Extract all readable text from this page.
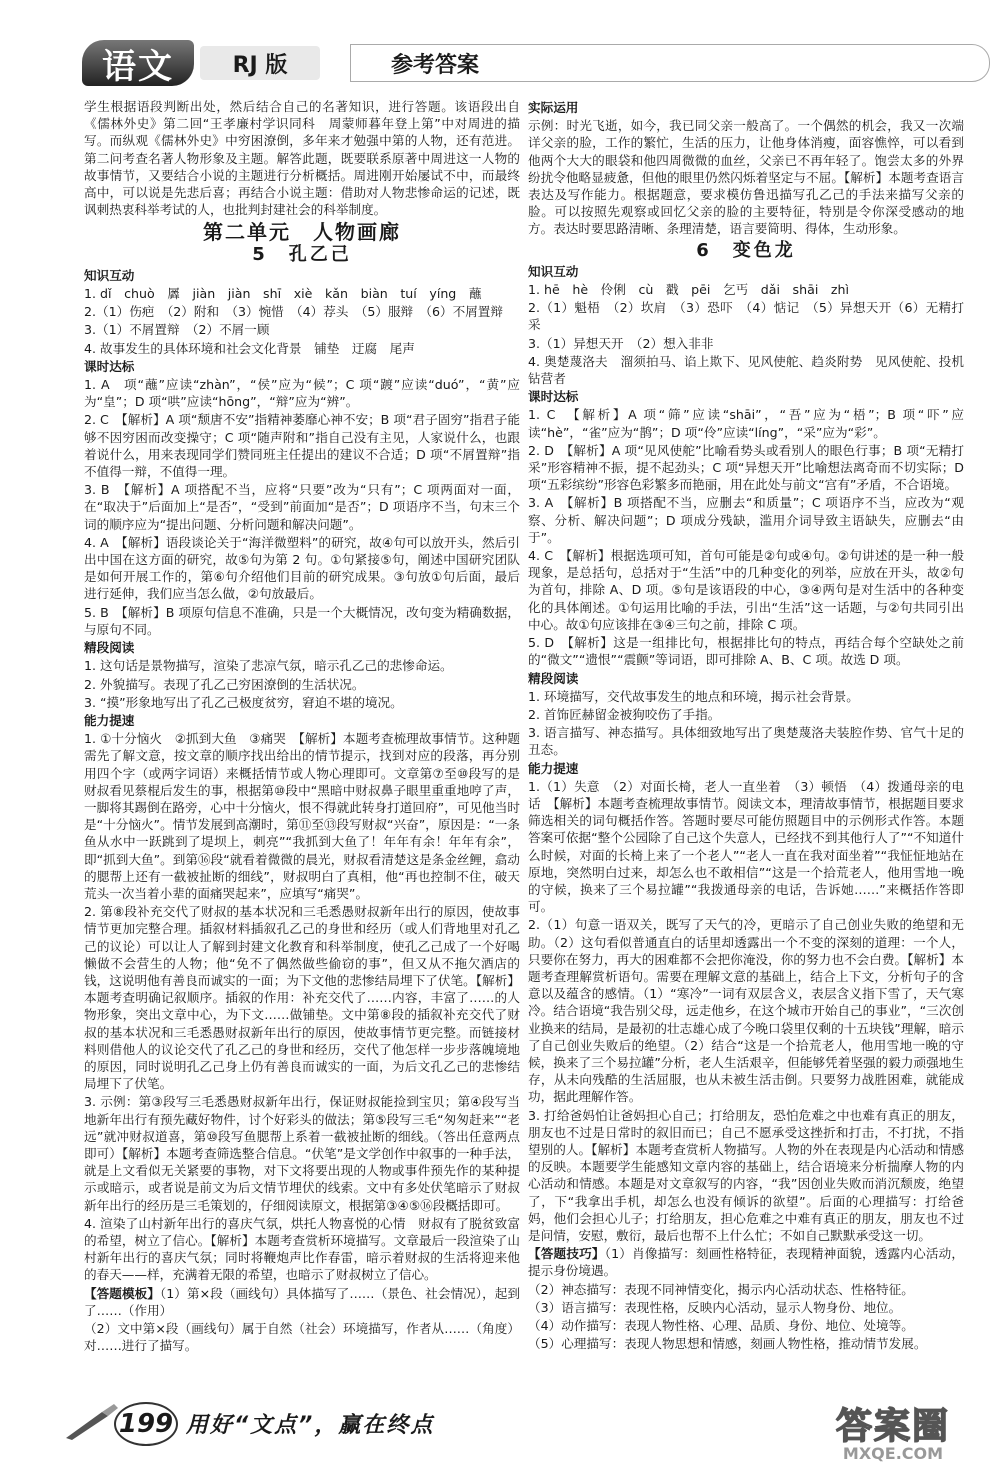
语文	RJ 版	参考答案

学生根据语段判断出处，然后结合自己的名著知识，进行答题。该语段出自《儒林外史》第二回“王孝廉村学识同科　周蒙师暮年登上第”中对周进的描写。而纵观《儒林外史》中穷困潦倒，多年来才勉强中第的人物，还有范进。第二问考查名著人物形象及主题。解答此题，既要联系原著中周进这一人物的故事情节，又要结合小说的主题进行分析概括。周进刚开始屡试不中，而最终高中，可以说是先悲后喜；再结合小说主题：借助对人物悲惨命运的记述，既讽刺热衷科举考试的人，也批判封建社会的科举制度。

第二单元　人物画廊
5　孔乙己
知识互动

1. dǐ　chuò　羼　jiàn　jiàn　shī　xiè　kǎn　biàn　tuí　yíng　蘸

2.（1）伤疤　（2）附和　（3）惋惜　（4）荐头　（5）服辩　（6）不屑置辩

3.（1）不屑置辩　（2）不屑一顾

4. 故事发生的具体环境和社会文化背景　铺垫　迂腐　尾声

课时达标

1. A　项“蘸”应读“zhàn”，“侯”应为“候”；C 项“踱”应读“duó”，“黄”应为“皇”；D 项“哄”应读“hōng”，“辩”应为“辨”。

2. C　【解析】A 项“颓唐不安”指精神萎靡心神不安；B 项“君子固穷”指君子能够不因穷困而改变操守；C 项“随声附和”指自己没有主见，人家说什么，也跟着说什么，用来表现同学们赞同班主任提出的建议不合适；D 项“不屑置辩”指不值得一辩，不值得一理。

3. B　【解析】A 项搭配不当，应将“只要”改为“只有”；C 项两面对一面，在“取决于”后面加上“是否”，“受到”前面加“是否”；D 项语序不当，句末三个词的顺序应为“提出问题、分析问题和解决问题”。

4. A　【解析】语段谈论关于“海洋微塑料”的研究，故④句可以放开头，然后引出中国在这方面的研究，故⑤句为第 2 句。①句紧接⑤句，阐述中国研究团队是如何开展工作的，第⑥句介绍他们目前的研究成果。③句放①句后面，最后进行延伸，我们应当怎么做，②句放最后。

5. B　【解析】B 项原句信息不准确，只是一个大概情况，改句变为精确数据，与原句不同。

精段阅读

1. 这句话是景物描写，渲染了悲凉气氛，暗示孔乙己的悲惨命运。

2. 外貌描写。表现了孔乙己穷困潦倒的生活状况。

3. “摸”形象地写出了孔乙己极度贫穷，窘迫不堪的境况。

能力提速

1. ①十分恼火　②抓到大鱼　③痛哭　【解析】本题考查梳理故事情节。这种题需先了解文意，按文章的顺序找出给出的情节提示，找到对应的段落，再分别用四个字（或两字词语）来概括情节或人物心理即可。文章第⑦至⑩段写的是财叔看见蔡棍后发生的事，根据第⑩段中“黑暗中财叔鼻子眼里重重地哼了声，一脚将其踢倒在路旁，心中十分恼火，恨不得就此转身打道回府”，可见他当时是“十分恼火”。情节发展到高潮时，第⑪至⑬段写财叔“兴奋”，原因是：“一条鱼从水中一跃跳到了堤坝上，刺亮”“我抓到大鱼了！年年有余！年年有余”，即“抓到大鱼”。到第⑯段“就看着微微的晨光，财叔看清楚这是条金丝鲤，翕动的腮帮上还有一截被扯断的细线”，财叔明白了真相，他“再也控制不住，破天荒头一次当着小辈的面痛哭起来”，应填写“痛哭”。

2. 第⑧段补充交代了财叔的基本状况和三毛悉愚财叔新年出行的原因，使故事情节更加完整合理。插叙材料插叙孔乙己的身世和经历（或人们背地里对孔乙己的议论）可以让人了解到封建文化教育和科举制度，使孔乙己成了一个好喝懒做不会营生的人物；他“免不了偶然做些偷窃的事”，但又从不拖欠酒店的钱，这说明他有善良而诚实的一面；为下文他的悲惨结局埋下了伏笔。【解析】本题考查明确记叙顺序。插叙的作用：补充交代了……内容，丰富了……的人物形象，突出文章中心，为下文……做铺垫。文中第⑧段的插叙补充交代了财叔的基本状况和三毛悉愚财叔新年出行的原因，使故事情节更完整。而链接材料则借他人的议论交代了孔乙己的身世和经历，交代了他怎样一步步落魄境地的原因，同时说明孔乙己身上仍有善良而诚实的一面，为后文孔乙己的悲惨结局埋下了伏笔。

3. 示例：第③段写三毛悉愚财叔新年出行，保证财叔能捡到宝贝；第④段写当地新年出行有预先藏好物件，讨个好彩头的做法；第⑤段写三毛“匆匆赶来”“老远”就冲财叔道喜，第⑩段写鱼腮帮上系着一截被扯断的细线。（答出任意两点即可）【解析】本题考查筛选整合信息。“伏笔”是文学创作中叙事的一种手法，就是上文看似无关紧要的事物，对下文将要出现的人物或事件预先作的某种提示或暗示，或者说是前文为后文情节埋伏的线索。文中有多处伏笔暗示了财叔新年出行的经历是三毛策划的，仔细阅读原文，根据第③④⑤⑯段概括即可。

4. 渲染了山村新年出行的喜庆气氛，烘托人物喜悦的心情　财叔有了脱贫致富的希望，树立了信心。【解析】本题考查赏析环境描写。文章最后一段渲染了山村新年出行的喜庆气氛；同时将鞭炮声比作春雷，暗示着财叔的生活将迎来他的春天——样，充满着无限的希望，也暗示了财叔树立了信心。

【答题模板】（1）第×段（画线句）具体描写了……（景色、社会情况），起到了……（作用）

（2）文中第×段（画线句）属于自然（社会）环境描写，作者从……（角度）对……进行了描写。

实际运用

示例：时光飞逝，如今，我已同父亲一般高了。一个偶然的机会，我又一次端详父亲的脸，工作的繁忙，生活的压力，让他身体消瘦，面容憔悴，可以看到他两个大大的眼袋和他四周微微的血丝，父亲已不再年轻了。饱尝太多的外界纷扰令他略显疲惫，但他的眼里仍然闪烁着坚定与不屈。【解析】本题考查语言表达及写作能力。根据题意，要求模仿鲁迅描写孔乙己的手法来描写父亲的脸。可以按照先观察或回忆父亲的脸的主要特征，特别是令你深受感动的地方。表达时要思路清晰、条理清楚，语言要简明、得体，生动形象。

6　变色龙
知识互动

1. hē　hè　伶俐　cù　戳　pēi　乞丐　dǎi　shāi　zhì

2.（1）魁梧　（2）坎肩　（3）恐吓　（4）惦记　（5）异想天开（6）无精打采

3.（1）异想天开　（2）想入非非

4. 奥楚蔑洛夫　溜须拍马、谄上欺下、见风使舵、趋炎附势　见风使舵、投机钻营者

课时达标

1. C　【解析】A 项“筛”应读“shāi”，“吾”应为“梧”；B 项“吓”应读“hè”，“雀”应为“鹊”；D 项“伶”应读“líng”，“采”应为“彩”。

2. D　【解析】A 项“见风使舵”比喻看势头或看别人的眼色行事；B 项“无精打采”形容精神不振，提不起劲头；C 项“异想天开”比喻想法离奇而不切实际；D 项“五彩缤纷”形容色彩繁多而艳丽，用在此处与前文“宫有”矛盾，不合语境。

3. A　【解析】B 项搭配不当，应删去“和质量”；C 项语序不当，应改为“观察、分析、解决问题”；D 项成分残缺，滥用介词导致主语缺失，应删去“由于”。

4. C　【解析】根据选项可知，首句可能是②句或④句。②句讲述的是一种一般现象，是总括句，总括对于“生活”中的几种变化的列举，应放在开头，故②句为首句，排除 A、D 项。⑤句是该语段的中心，③④两句是对生活中的各种变化的具体阐述。①句运用比喻的手法，引出“生活”这一话题，与②句共同引出中心。故①句应该排在③④三句之前，排除 C 项。

5. D　【解析】这是一组排比句，根据排比句的特点，再结合每个空缺处之前的“微文”“遗恨”“震颤”等词语，即可排除 A、B、C 项。故选 D 项。

精段阅读

1. 环境描写，交代故事发生的地点和环境，揭示社会背景。

2. 首饰匠赫留金被狗咬伤了手指。

3. 语言描写、神态描写。具体细致地写出了奥楚蔑洛夫装腔作势、官气十足的丑态。

能力提速

1.（1）失意　（2）对面长椅，老人一直坐着　（3）顿悟　（4）拨通母亲的电话　【解析】本题考查梳理故事情节。阅读文本，理清故事情节，根据题目要求筛选相关的词句概括作答。答题时要尽可能仿照题目中的示例形式作答。本题答案可依据“整个公园除了自己这个失意人，已经找不到其他行人了”“不知道什么时候，对面的长椅上来了一个老人”“老人一直在我对面坐着”“我怔怔地站在原地，突然明白过来，却怎么也不敢相信”“这是一个拾荒老人，他用雪地一晚的守候，换来了三个易拉罐”“我拨通母亲的电话，告诉她……”来概括作答即可。

2.（1）句意一语双关，既写了天气的冷，更暗示了自己创业失败的绝望和无助。（2）这句看似普通直白的话里却透露出一个不变的深刻的道理：一个人，只要你在努力，再大的困难都不会把你淹没，你的努力也不会白费。【解析】本题考查理解赏析语句。需要在理解文意的基础上，结合上下文，分析句子的含意以及蕴含的感情。（1）“寒冷”一词有双层含义，表层含义指下雪了，天气寒冷。结合语境“我告别父母，远走他乡，在这个城市开始自己的事业”，“三次创业换来的结局，是最初的壮志雄心成了今晚口袋里仅剩的十五块钱”理解，暗示了自己创业失败后的绝望。（2）结合“这是一个拾荒老人，他用雪地一晚的守候，换来了三个易拉罐”分析，老人生活艰辛，但能够凭着坚强的毅力顽强地生存，从未向残酷的生活屈服，也从未被生活击倒。只要努力战胜困难，就能成功，据此理解作答。

3. 打给爸妈怕让爸妈担心自己；打给朋友，恐怕危难之中也难有真正的朋友，朋友也不过是日常时的叙旧而已；自己不愿承受这挫折和打击，不打扰，不指望别的人。【解析】本题考查赏析人物描写。人物的外在表现是内心活动和情感的反映。本题要学生能感知文章内容的基础上，结合语境来分析揣摩人物的内心活动和情感。本题是对文章叙写的内容，“我”因创业失败而消沉颓废，绝望了，下“我拿出手机，却怎么也没有倾诉的欲望”。后面的心理描写：打给爸妈，他们会担心儿子；打给朋友，担心危难之中难有真正的朋友，朋友也不过是问情，安慰，敷衍，最后也帮不上什么忙；不如自己默默承受这一切。

【答题技巧】（1）肖像描写：刻画性格特征，表现精神面貌，透露内心活动，提示身份境遇。

（2）神态描写：表现不同神情变化，揭示内心活动状态、性格特征。

（3）语言描写：表现性格，反映内心活动，显示人物身份、地位。

（4）动作描写：表现人物性格、心理、品质、身份、地位、处境等。

（5）心理描写：表现人物思想和情感，刻画人物性格，推动情节发展。

199 用好“文点”，赢在终点	答案圈
MXQE.COM
